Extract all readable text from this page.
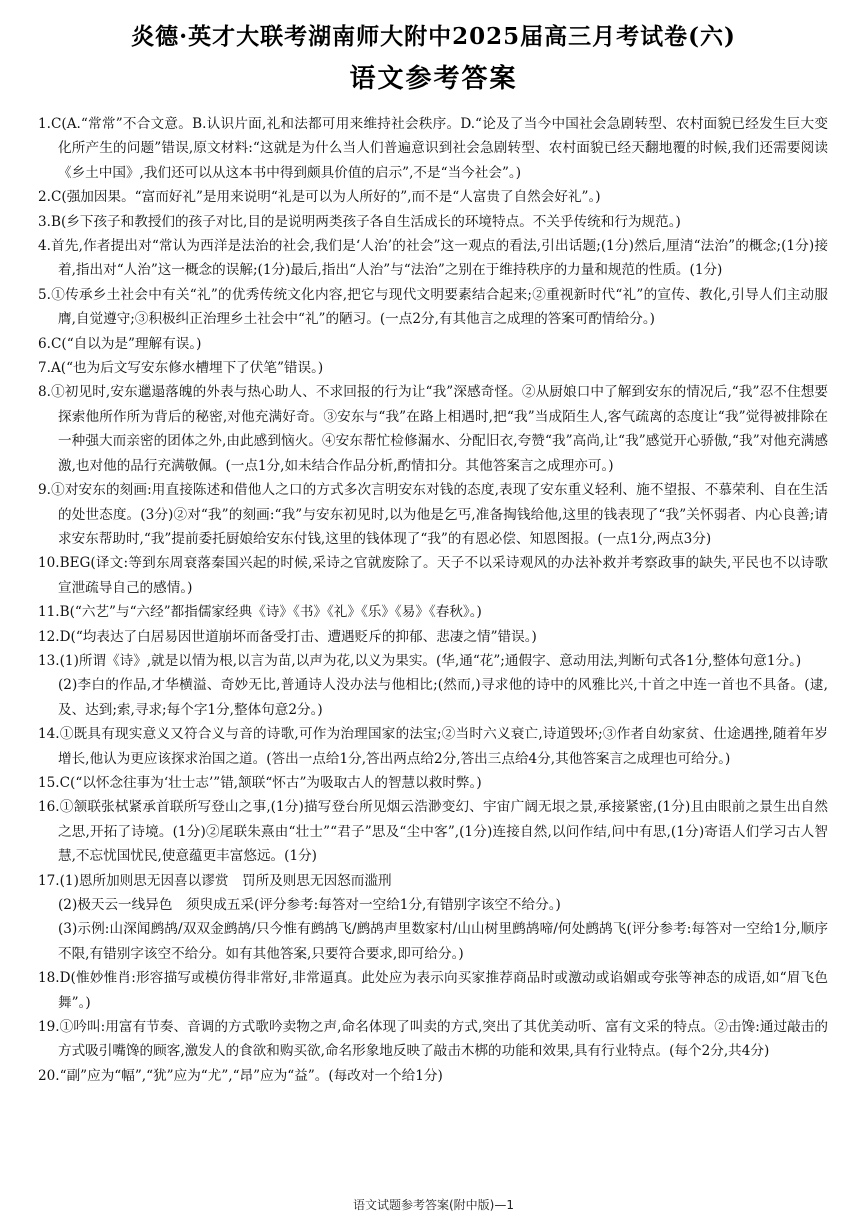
炎德·英才大联考湖南师大附中2025届高三月考试卷(六)
语文参考答案
1.C(A.“常常”不合文意。B.认识片面,礼和法都可用来维持社会秩序。D.“论及了当今中国社会急剧转型、农村面貌已经发生巨大变化所产生的问题”错误,原文材料:“这就是为什么当人们普遍意识到社会急剧转型、农村面貌已经天翻地覆的时候,我们还需要阅读《乡土中国》,我们还可以从这本书中得到颇具价值的启示”,不是“当今社会”。)
2.C(强加因果。“富而好礼”是用来说明“礼是可以为人所好的”,而不是“人富贵了自然会好礼”。)
3.B(乡下孩子和教授们的孩子对比,目的是说明两类孩子各自生活成长的环境特点。不关乎传统和行为规范。)
4.首先,作者提出对“常认为西洋是法治的社会,我们是‘人治’的社会”这一观点的看法,引出话题;(1分)然后,厘清“法治”的概念;(1分)接着,指出对“人治”这一概念的误解;(1分)最后,指出“人治”与“法治”之别在于维持秩序的力量和规范的性质。(1分)
5.①传承乡土社会中有关“礼”的优秀传统文化内容,把它与现代文明要素结合起来;②重视新时代“礼”的宣传、教化,引导人们主动服膺,自觉遵守;③积极纠正治理乡土社会中“礼”的陋习。(一点2分,有其他言之成理的答案可酌情给分。)
6.C(“自以为是”理解有误。)
7.A(“也为后文写安东修水槽埋下了伏笔”错误。)
8.①初见时,安东邋遢落魄的外表与热心助人、不求回报的行为让“我”深感奇怪。②从厨娘口中了解到安东的情况后,“我”忍不住想要探索他所作所为背后的秘密,对他充满好奇。③安东与“我”在路上相遇时,把“我”当成陌生人,客气疏离的态度让“我”觉得被排除在一种强大而亲密的团体之外,由此感到恼火。④安东帮忙检修漏水、分配旧衣,夸赞“我”高尚,让“我”感觉开心骄傲,“我”对他充满感激,也对他的品行充满敬佩。(一点1分,如未结合作品分析,酌情扣分。其他答案言之成理亦可。)
9.①对安东的刻画:用直接陈述和借他人之口的方式多次言明安东对钱的态度,表现了安东重义轻利、施不望报、不慕荣利、自在生活的处世态度。(3分)②对“我”的刻画:“我”与安东初见时,以为他是乞丐,准备掏钱给他,这里的钱表现了“我”关怀弱者、内心良善;请求安东帮助时,“我”提前委托厨娘给安东付钱,这里的钱体现了“我”的有恩必偿、知恩图报。(一点1分,两点3分)
10.BEG(译文:等到东周衰落秦国兴起的时候,采诗之官就废除了。天子不以采诗观风的办法补救并考察政事的缺失,平民也不以诗歌宣泄疏导自己的感情。)
11.B(“六艺”与“六经”都指儒家经典《诗》《书》《礼》《乐》《易》《春秋》。)
12.D(“均表达了白居易因世道崩坏而备受打击、遭遇贬斥的抑郁、悲凄之情”错误。)
13.(1)所谓《诗》,就是以情为根,以言为苗,以声为花,以义为果实。(华,通“花”;通假字、意动用法,判断句式各1分,整体句意1分。)
(2)李白的作品,才华横溢、奇妙无比,普通诗人没办法与他相比;(然而,)寻求他的诗中的风雅比兴,十首之中连一首也不具备。(逮,及、达到;索,寻求;每个字1分,整体句意2分。)
14.①既具有现实意义又符合义与音的诗歌,可作为治理国家的法宝;②当时六义衰亡,诗道毁坏;③作者自幼家贫、仕途遇挫,随着年岁增长,他认为更应该探求治国之道。(答出一点给1分,答出两点给2分,答出三点给4分,其他答案言之成理也可给分。)
15.C(“以怀念往事为‘壮士志’”错,颔联“怀古”为吸取古人的智慧以救时弊。)
16.①颔联张栻紧承首联所写登山之事,(1分)描写登台所见烟云浩渺变幻、宇宙广阔无垠之景,承接紧密,(1分)且由眼前之景生出自然之思,开拓了诗境。(1分)②尾联朱熹由“壮士”“君子”思及“尘中客”,(1分)连接自然,以问作结,问中有思,(1分)寄语人们学习古人智慧,不忘忧国忧民,使意蕴更丰富悠远。(1分)
17.(1)恩所加则思无因喜以谬赏　罚所及则思无因怒而滥刑
(2)极天云一线异色　须臾成五采(评分参考:每答对一空给1分,有错别字该空不给分。)
(3)示例:山深闻鹧鸪/双双金鹧鸪/只今惟有鹧鸪飞/鹧鸪声里数家村/山山树里鹧鸪啼/何处鹧鸪飞(评分参考:每答对一空给1分,顺序不限,有错别字该空不给分。如有其他答案,只要符合要求,即可给分。)
18.D(惟妙惟肖:形容描写或模仿得非常好,非常逼真。此处应为表示向买家推荐商品时或激动或谄媚或夸张等神态的成语,如“眉飞色舞”。)
19.①吟叫:用富有节奏、音调的方式歌吟卖物之声,命名体现了叫卖的方式,突出了其优美动听、富有文采的特点。②击馋:通过敲击的方式吸引嘴馋的顾客,激发人的食欲和购买欲,命名形象地反映了敲击木梆的功能和效果,具有行业特点。(每个2分,共4分)
20.“副”应为“幅”,“犹”应为“尤”,“昂”应为“益”。(每改对一个给1分)
语文试题参考答案(附中版)—1
